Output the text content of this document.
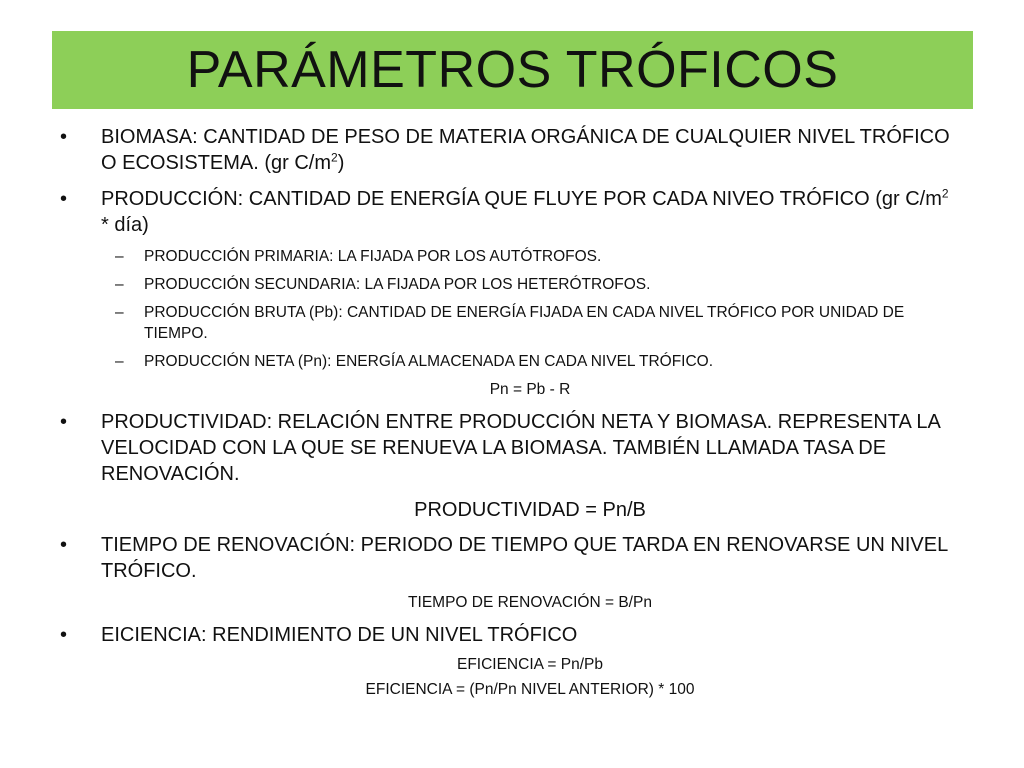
PARÁMETROS TRÓFICOS
• BIOMASA: CANTIDAD DE PESO DE MATERIA ORGÁNICA DE CUALQUIER NIVEL TRÓFICO O ECOSISTEMA. (gr $C/m^2$)
• PRODUCCIÓN: CANTIDAD DE ENERGÍA QUE FLUYE POR CADA NIVEO TRÓFICO (gr $C/m^2$ * día)
– PRODUCCIÓN PRIMARIA: LA FIJADA POR LOS AUTÓTROFOS.
– PRODUCCIÓN SECUNDARIA: LA FIJADA POR LOS HETERÓTROFOS.
– PRODUCCIÓN BRUTA (Pb): CANTIDAD DE ENERGÍA FIJADA EN CADA NIVEL TRÓFICO POR UNIDAD DE TIEMPO.
– PRODUCCIÓN NETA (Pn): ENERGÍA ALMACENADA EN CADA NIVEL TRÓFICO.
Pn = Pb - R
• PRODUCTIVIDAD: RELACIÓN ENTRE PRODUCCIÓN NETA Y BIOMASA. REPRESENTA LA VELOCIDAD CON LA QUE SE RENUEVA LA BIOMASA. TAMBIÉN LLAMADA TASA DE RENOVACIÓN.
PRODUCTIVIDAD = Pn/B
• TIEMPO DE RENOVACIÓN: PERIODO DE TIEMPO QUE TARDA EN RENOVARSE UN NIVEL TRÓFICO.
TIEMPO DE RENOVACIÓN = B/Pn
• EICIENCIA: RENDIMIENTO DE UN NIVEL TRÓFICO
EFICIENCIA = Pn/Pb
EFICIENCIA = (Pn/Pn NIVEL ANTERIOR) * 100
